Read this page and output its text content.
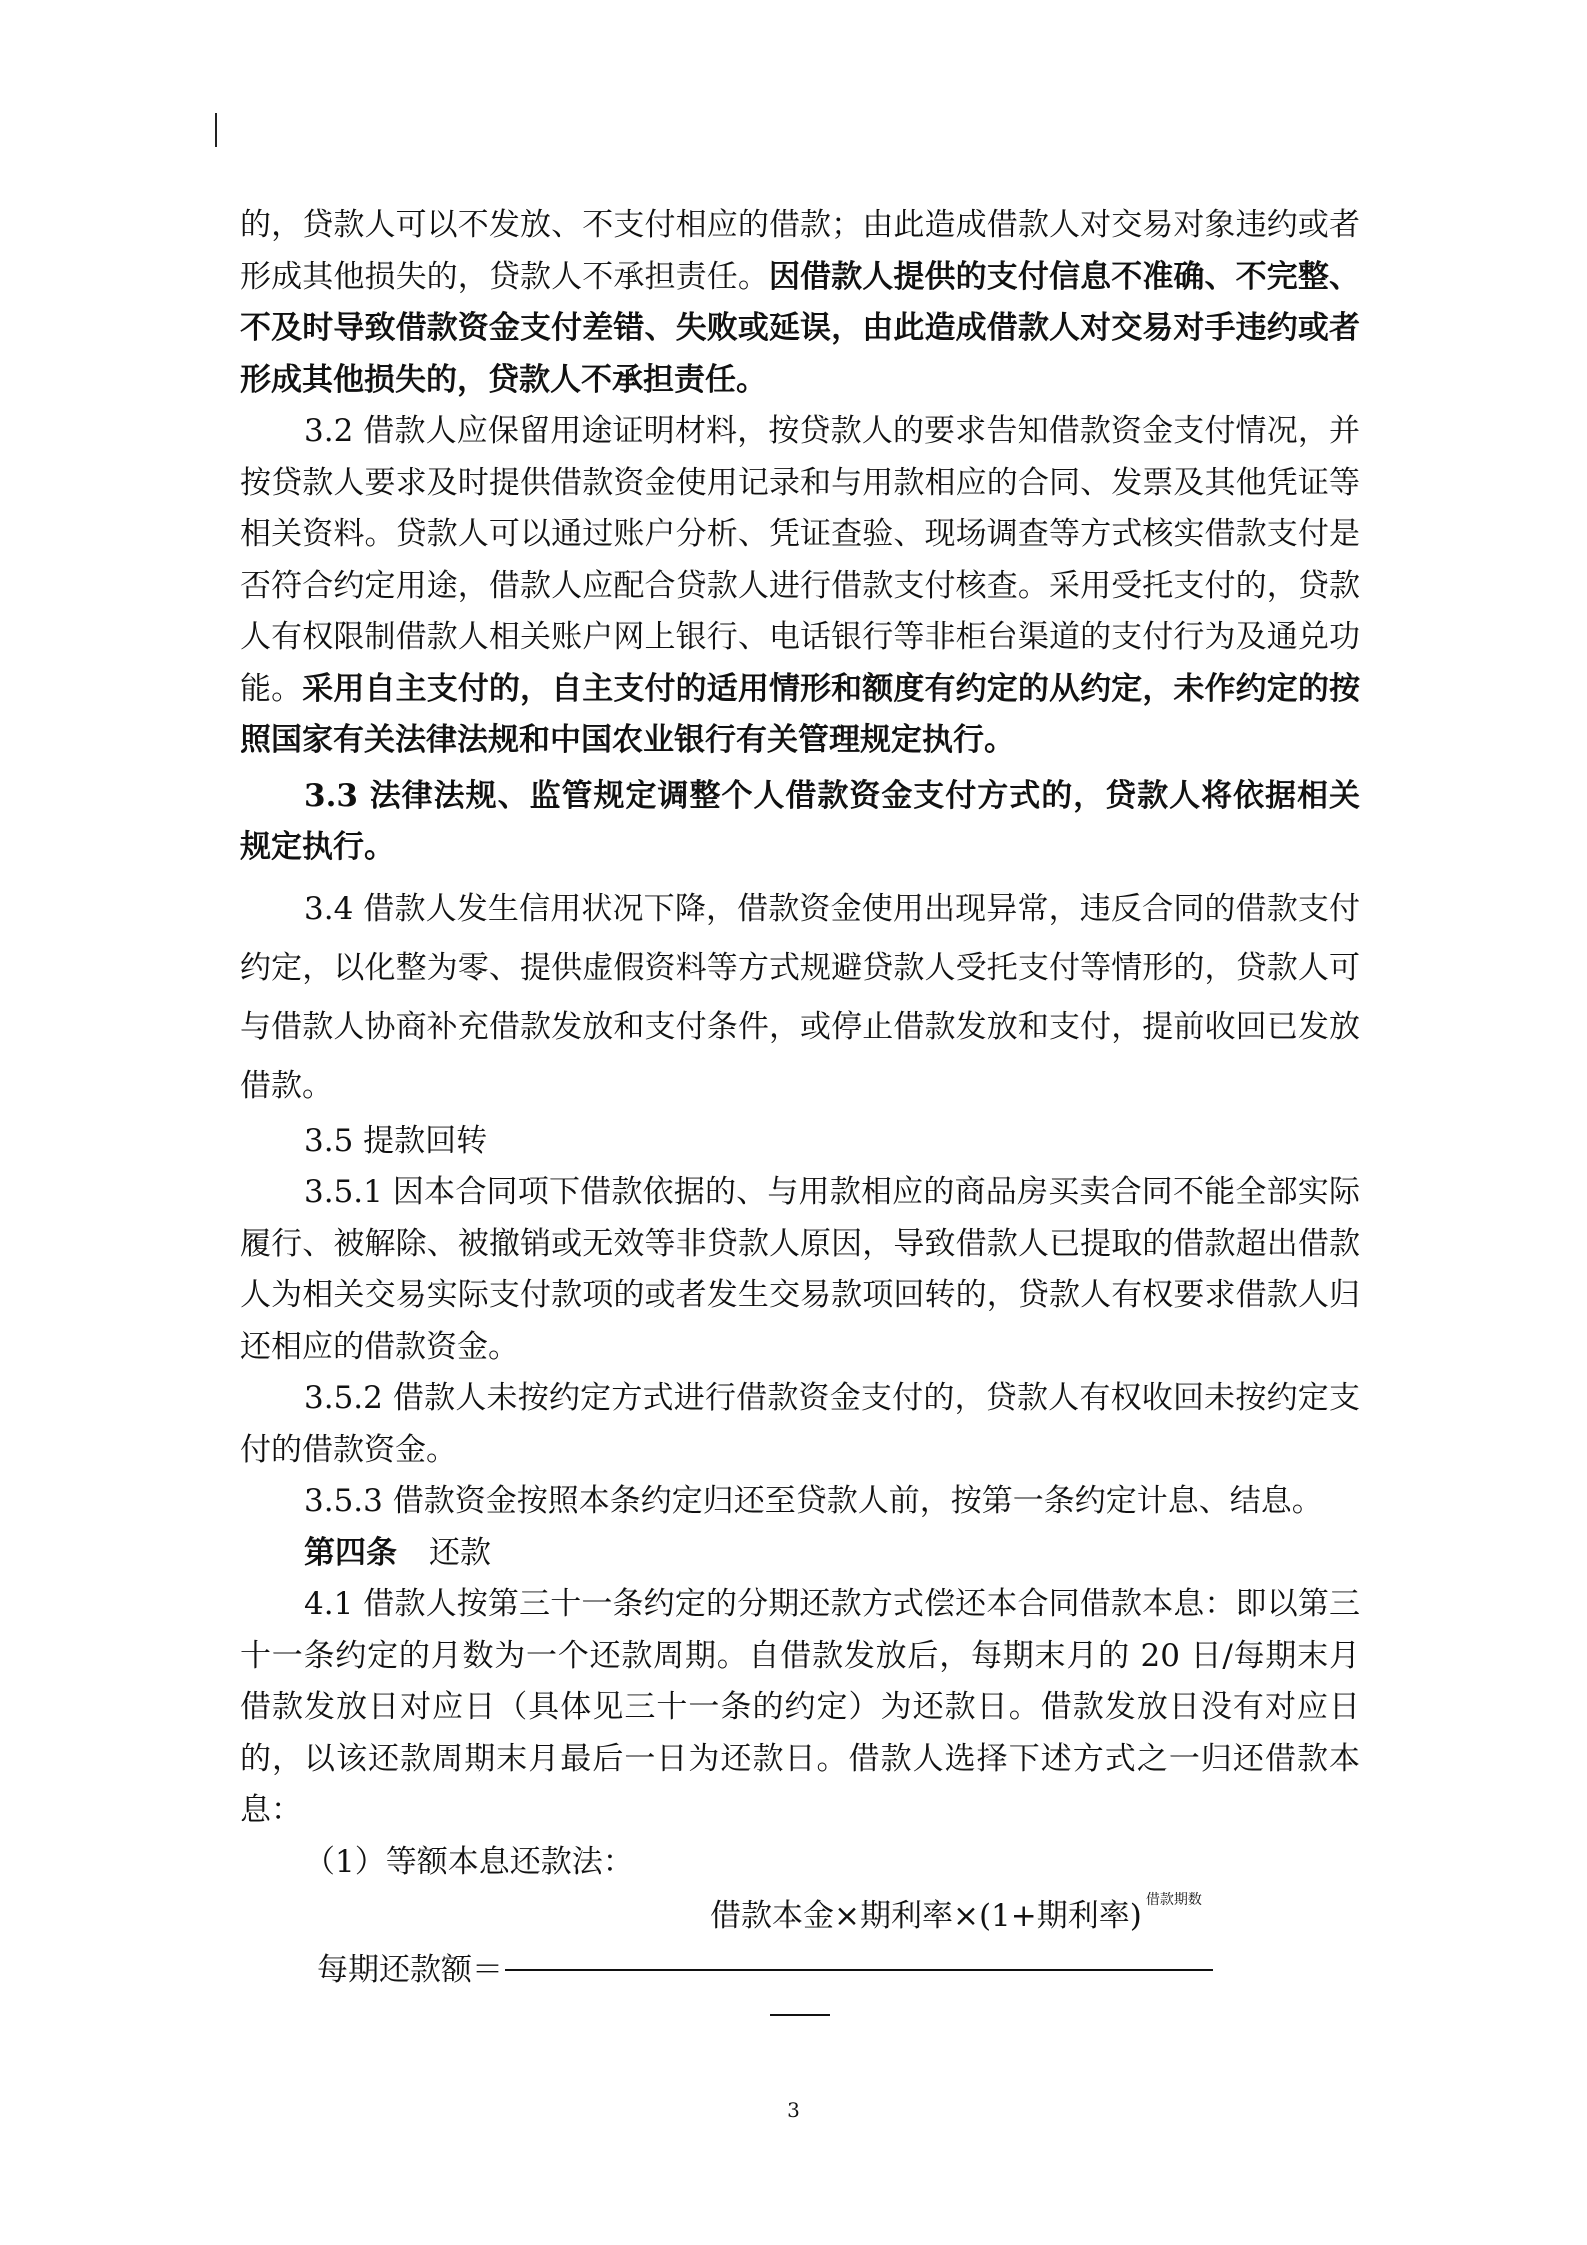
的，贷款人可以不发放、不支付相应的借款；由此造成借款人对交易对象违约或者形成其他损失的，贷款人不承担责任。因借款人提供的支付信息不准确、不完整、不及时导致借款资金支付差错、失败或延误，由此造成借款人对交易对手违约或者形成其他损失的，贷款人不承担责任。

3.2 借款人应保留用途证明材料，按贷款人的要求告知借款资金支付情况，并按贷款人要求及时提供借款资金使用记录和与用款相应的合同、发票及其他凭证等相关资料。贷款人可以通过账户分析、凭证查验、现场调查等方式核实借款支付是否符合约定用途，借款人应配合贷款人进行借款支付核查。采用受托支付的，贷款人有权限制借款人相关账户网上银行、电话银行等非柜台渠道的支付行为及通兑功能。采用自主支付的，自主支付的适用情形和额度有约定的从约定，未作约定的按照国家有关法律法规和中国农业银行有关管理规定执行。

3.3 法律法规、监管规定调整个人借款资金支付方式的，贷款人将依据相关规定执行。

3.4 借款人发生信用状况下降，借款资金使用出现异常，违反合同的借款支付约定，以化整为零、提供虚假资料等方式规避贷款人受托支付等情形的，贷款人可与借款人协商补充借款发放和支付条件，或停止借款发放和支付，提前收回已发放借款。

3.5 提款回转

3.5.1 因本合同项下借款依据的、与用款相应的商品房买卖合同不能全部实际履行、被解除、被撤销或无效等非贷款人原因，导致借款人已提取的借款超出借款人为相关交易实际支付款项的或者发生交易款项回转的，贷款人有权要求借款人归还相应的借款资金。

3.5.2 借款人未按约定方式进行借款资金支付的，贷款人有权收回未按约定支付的借款资金。

3.5.3 借款资金按照本条约定归还至贷款人前，按第一条约定计息、结息。

第四条 还款

4.1 借款人按第三十一条约定的分期还款方式偿还本合同借款本息：即以第三十一条约定的月数为一个还款周期。自借款发放后，每期末月的 20 日/每期末月借款发放日对应日（具体见三十一条的约定）为还款日。借款发放日没有对应日的，以该还款周期末月最后一日为还款日。借款人选择下述方式之一归还借款本息：

（1）等额本息还款法：

借款本金×期利率×(1+期利率) $^{借款期数}$
每期还款额＝
3
